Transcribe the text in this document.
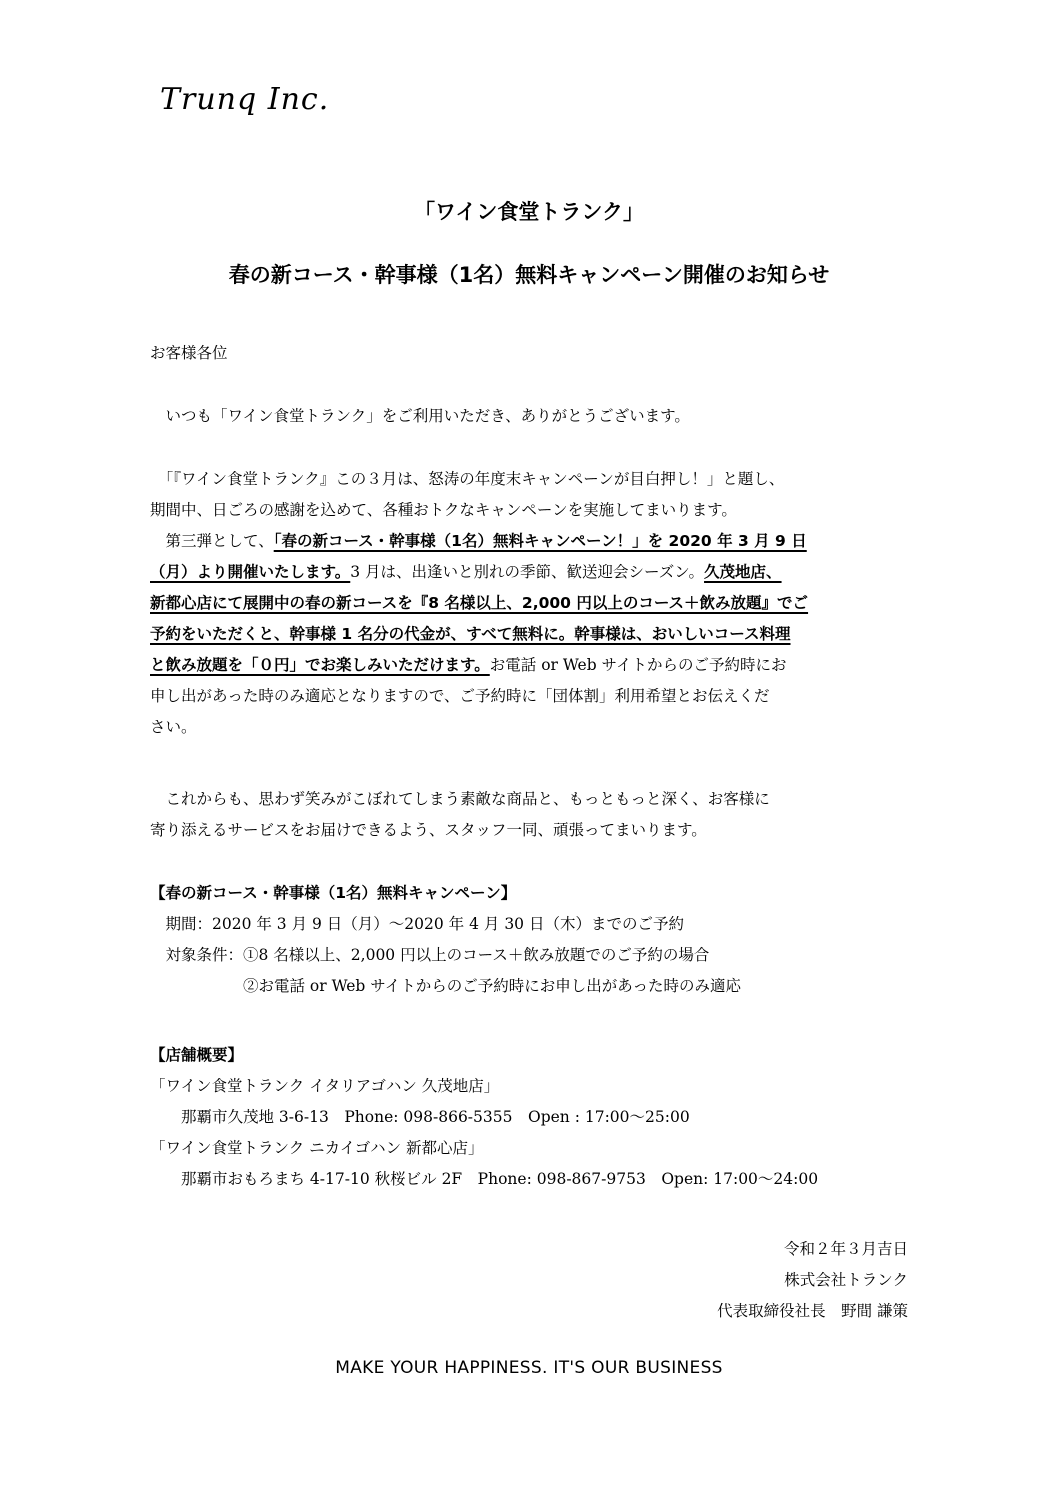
Trunq Inc.
「ワイン食堂トランク」
春の新コース・幹事様（1名）無料キャンペーン開催のお知らせ
お客様各位
　いつも「ワイン食堂トランク」をご利用いただき、ありがとうございます。
　「『ワイン食堂トランク』この３月は、怒涛の年度末キャンペーンが目白押し！」と題し、
期間中、日ごろの感謝を込めて、各種おトクなキャンペーンを実施してまいります。
　第三弾として、「春の新コース・幹事様（1名）無料キャンペーン！」を 2020 年 3 月 9 日
（月）より開催いたします。3 月は、出逢いと別れの季節、歓送迎会シーズン。久茂地店、
新都心店にて展開中の春の新コースを『8 名様以上、2,000 円以上のコース＋飲み放題』でご
予約をいただくと、幹事様 1 名分の代金が、すべて無料に。幹事様は、おいしいコース料理
と飲み放題を「０円」でお楽しみいただけます。お電話 or Web サイトからのご予約時にお
申し出があった時のみ適応となりますので、ご予約時に「団体割」利用希望とお伝えくだ
さい。
　これからも、思わず笑みがこぼれてしまう素敵な商品と、もっともっと深く、お客様に
寄り添えるサービスをお届けできるよう、スタッフ一同、頑張ってまいります。
【春の新コース・幹事様（1名）無料キャンペーン】
　期間：2020 年 3 月 9 日（月）～2020 年 4 月 30 日（木）までのご予約
　対象条件：①8 名様以上、2,000 円以上のコース＋飲み放題でのご予約の場合
　　　　　　②お電話 or Web サイトからのご予約時にお申し出があった時のみ適応
【店舗概要】
「ワイン食堂トランク イタリアゴハン 久茂地店」
　　那覇市久茂地 3-6-13　Phone: 098-866-5355　Open : 17:00～25:00
「ワイン食堂トランク ニカイゴハン 新都心店」
　　那覇市おもろまち 4-17-10 秋桜ビル 2F　Phone: 098-867-9753　Open: 17:00～24:00
令和２年３月吉日
株式会社トランク
代表取締役社長　野間 謙策
MAKE YOUR HAPPINESS. IT'S OUR BUSINESS
